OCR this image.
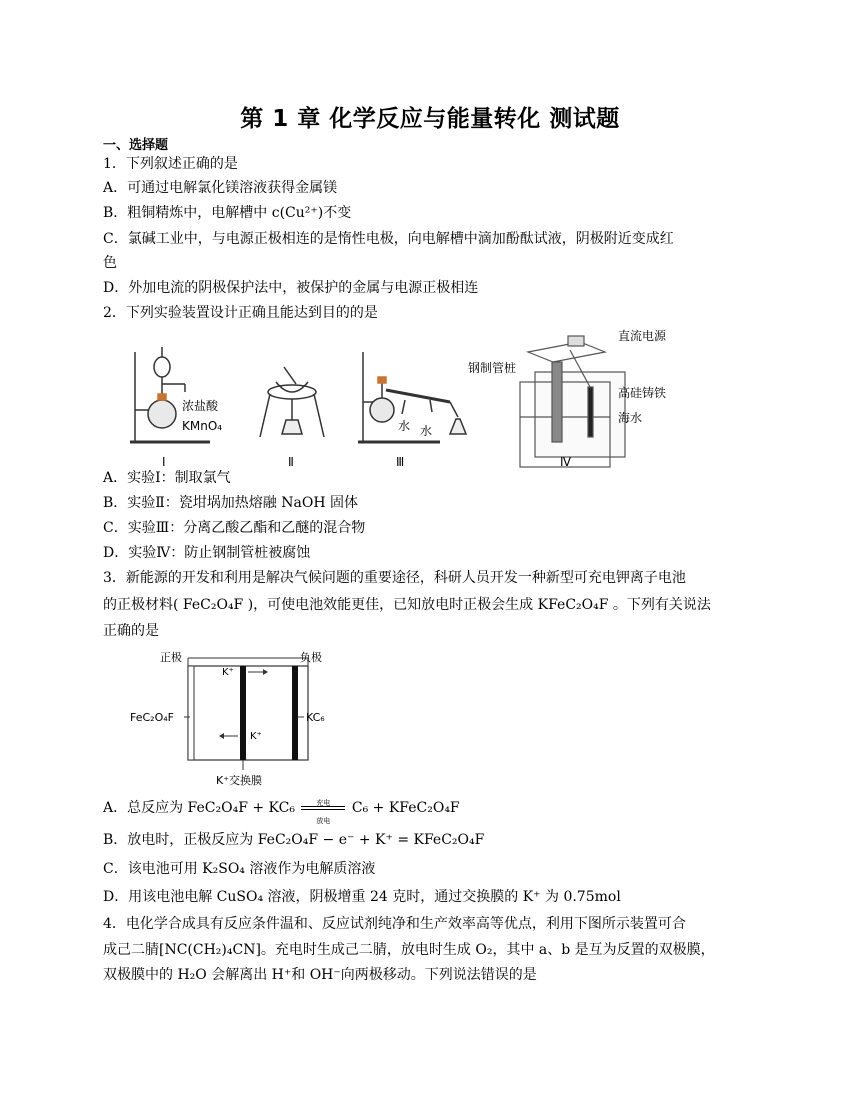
第 1 章 化学反应与能量转化 测试题
一、选择题
1．下列叙述正确的是
A．可通过电解氯化镁溶液获得金属镁
B．粗铜精炼中，电解槽中 c(Cu²⁺)不变
C．氯碱工业中，与电源正极相连的是惰性电极，向电解槽中滴加酚酞试液，阴极附近变成红
色
D．外加电流的阴极保护法中，被保护的金属与电源正极相连
2．下列实验装置设计正确且能达到目的的是
浓盐酸
KMnO₄
Ⅰ	Ⅱ
水 水
Ⅲ
钢制管桩
直流电源
高硅铸铁
海水
Ⅳ
A．实验Ⅰ：制取氯气
B．实验Ⅱ：瓷坩埚加热熔融 NaOH 固体
C．实验Ⅲ：分离乙酸乙酯和乙醚的混合物
D．实验Ⅳ：防止钢制管桩被腐蚀
3．新能源的开发和利用是解决气候问题的重要途径，科研人员开发一种新型可充电钾离子电池
的正极材料( FeC₂O₄F )，可使电池效能更佳，已知放电时正极会生成 KFeC₂O₄F 。下列有关说法
正确的是
正极	负极
FeC₂O₄F	KC₆
K⁺
K⁺
K⁺交换膜
A．总反应为 FeC₂O₄F + KC₆	充电
放电
C₆ + KFeC₂O₄F
B．放电时，正极反应为 FeC₂O₄F − e⁻ + K⁺ = KFeC₂O₄F
C．该电池可用 K₂SO₄ 溶液作为电解质溶液
D．用该电池电解 CuSO₄ 溶液，阴极增重 24 克时，通过交换膜的 K⁺ 为 0.75mol
4．电化学合成具有反应条件温和、反应试剂纯净和生产效率高等优点，利用下图所示装置可合
成己二腈[NC(CH₂)₄CN]。充电时生成己二腈，放电时生成 O₂，其中 a、b 是互为反置的双极膜，
双极膜中的 H₂O 会解离出 H⁺和 OH⁻向两极移动。下列说法错误的是
